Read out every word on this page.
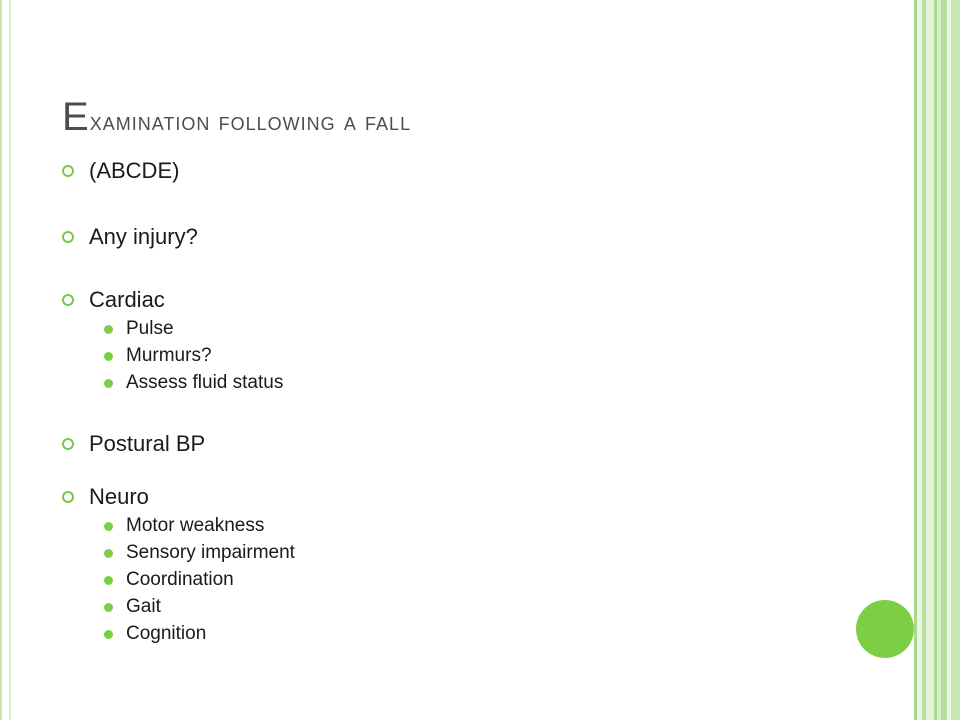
Examination following a fall
(ABCDE)
Any injury?
Cardiac
Pulse
Murmurs?
Assess fluid status
Postural BP
Neuro
Motor weakness
Sensory impairment
Coordination
Gait
Cognition
